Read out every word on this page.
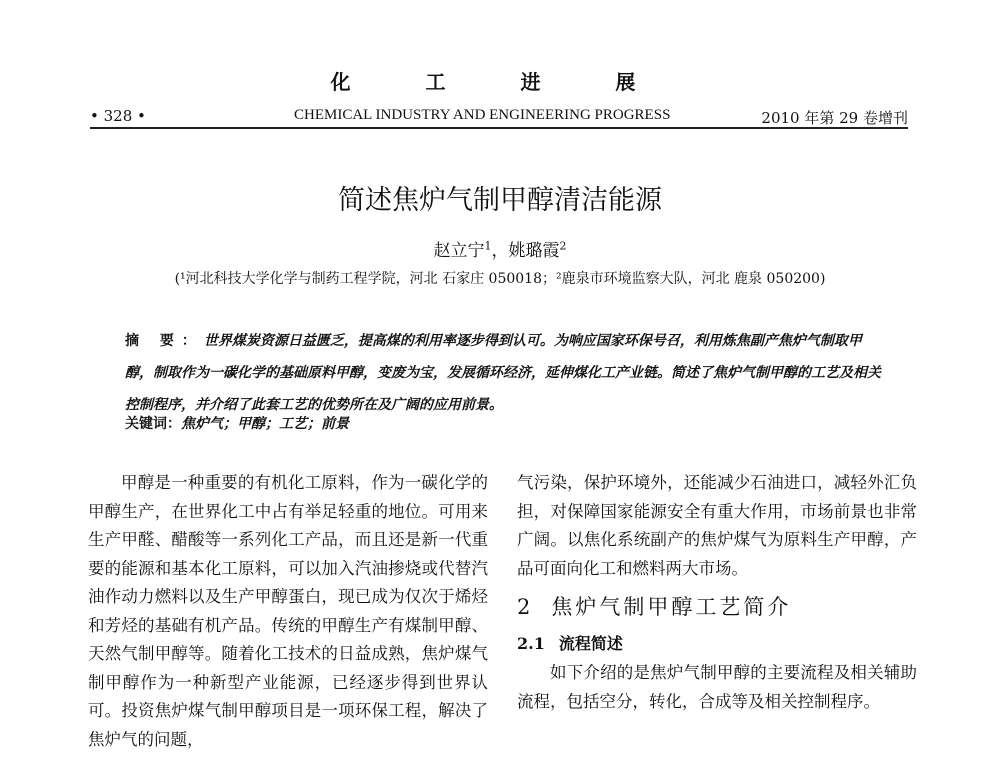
化 工 进 展
• 328 •	CHEMICAL INDUSTRY AND ENGINEERING PROGRESS	2010 年第 29 卷增刊
简述焦炉气制甲醇清洁能源
赵立宁$^1$，姚璐霞$^2$
(¹河北科技大学化学与制药工程学院，河北 石家庄 050018；²鹿泉市环境监察大队，河北 鹿泉 050200)
摘 要：世界煤炭资源日益匮乏，提高煤的利用率逐步得到认可。为响应国家环保号召，利用炼焦副产焦炉气制取甲醇，制取作为一碳化学的基础原料甲醇，变废为宝，发展循环经济，延伸煤化工产业链。简述了焦炉气制甲醇的工艺及相关控制程序，并介绍了此套工艺的优势所在及广阔的应用前景。
关键词：焦炉气；甲醇；工艺；前景

甲醇是一种重要的有机化工原料，作为一碳化学的甲醇生产，在世界化工中占有举足轻重的地位。可用来生产甲醛、醋酸等一系列化工产品，而且还是新一代重要的能源和基本化工原料，可以加入汽油掺烧或代替汽油作动力燃料以及生产甲醇蛋白，现已成为仅次于烯烃和芳烃的基础有机产品。传统的甲醇生产有煤制甲醇、天然气制甲醇等。随着化工技术的日益成熟，焦炉煤气制甲醇作为一种新型产业能源，已经逐步得到世界认可。投资焦炉煤气制甲醇项目是一项环保工程，解决了焦炉气的问题，

气污染，保护环境外，还能减少石油进口，减轻外汇负担，对保障国家能源安全有重大作用，市场前景也非常广阔。以焦化系统副产的焦炉煤气为原料生产甲醇，产品可面向化工和燃料两大市场。

2 焦炉气制甲醇工艺简介
2.1 流程简述

如下介绍的是焦炉气制甲醇的主要流程及相关辅助流程，包括空分，转化，合成等及相关控制程序。
